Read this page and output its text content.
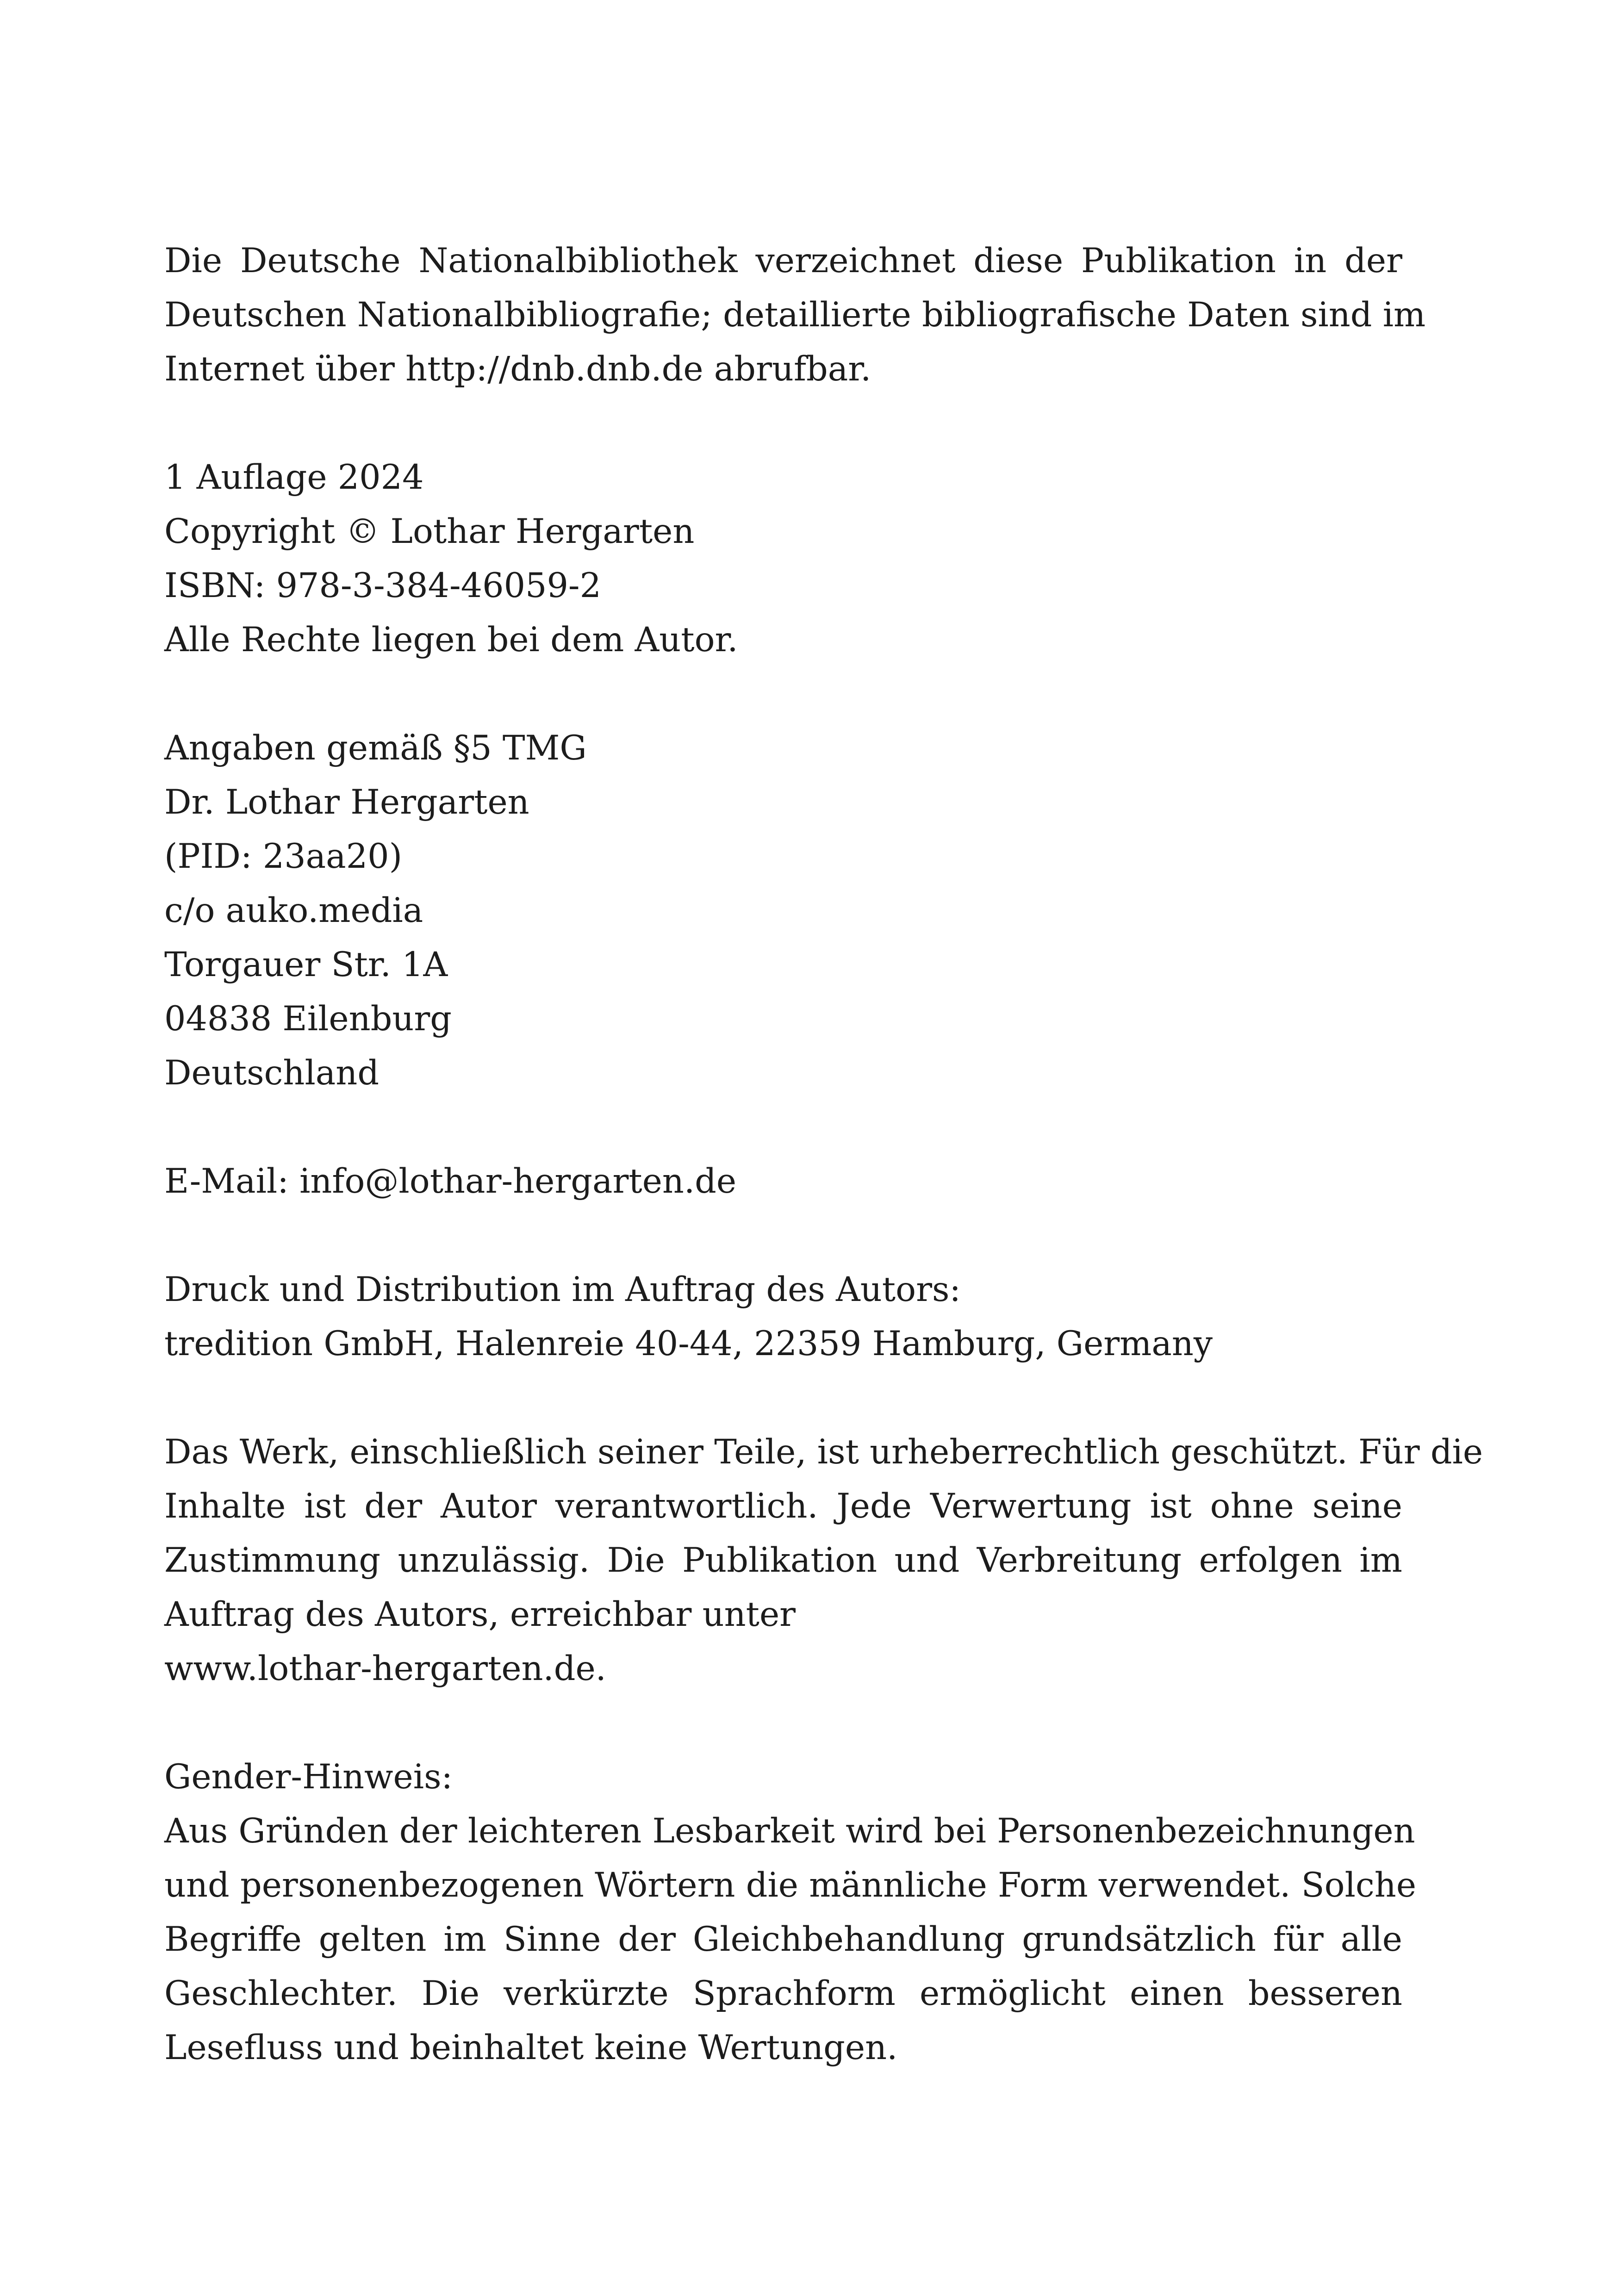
Die Deutsche Nationalbibliothek verzeichnet diese Publikation in der
Deutschen Nationalbibliografie; detaillierte bibliografische Daten sind im
Internet über http://dnb.dnb.de abrufbar.
1 Auflage 2024
Copyright © Lothar Hergarten
ISBN: 978-3-384-46059-2
Alle Rechte liegen bei dem Autor.
Angaben gemäß §5 TMG
Dr. Lothar Hergarten
(PID: 23aa20)
c/o auko.media
Torgauer Str. 1A
04838 Eilenburg
Deutschland
E-Mail: info@lothar-hergarten.de
Druck und Distribution im Auftrag des Autors:
tredition GmbH, Halenreie 40-44, 22359 Hamburg, Germany
Das Werk, einschließlich seiner Teile, ist urheberrechtlich geschützt. Für die
Inhalte ist der Autor verantwortlich. Jede Verwertung ist ohne seine
Zustimmung unzulässig. Die Publikation und Verbreitung erfolgen im
Auftrag des Autors, erreichbar unter
www.lothar-hergarten.de.
Gender-Hinweis:
Aus Gründen der leichteren Lesbarkeit wird bei Personenbezeichnungen
und personenbezogenen Wörtern die männliche Form verwendet. Solche
Begriffe gelten im Sinne der Gleichbehandlung grundsätzlich für alle
Geschlechter. Die verkürzte Sprachform ermöglicht einen besseren
Lesefluss und beinhaltet keine Wertungen.
